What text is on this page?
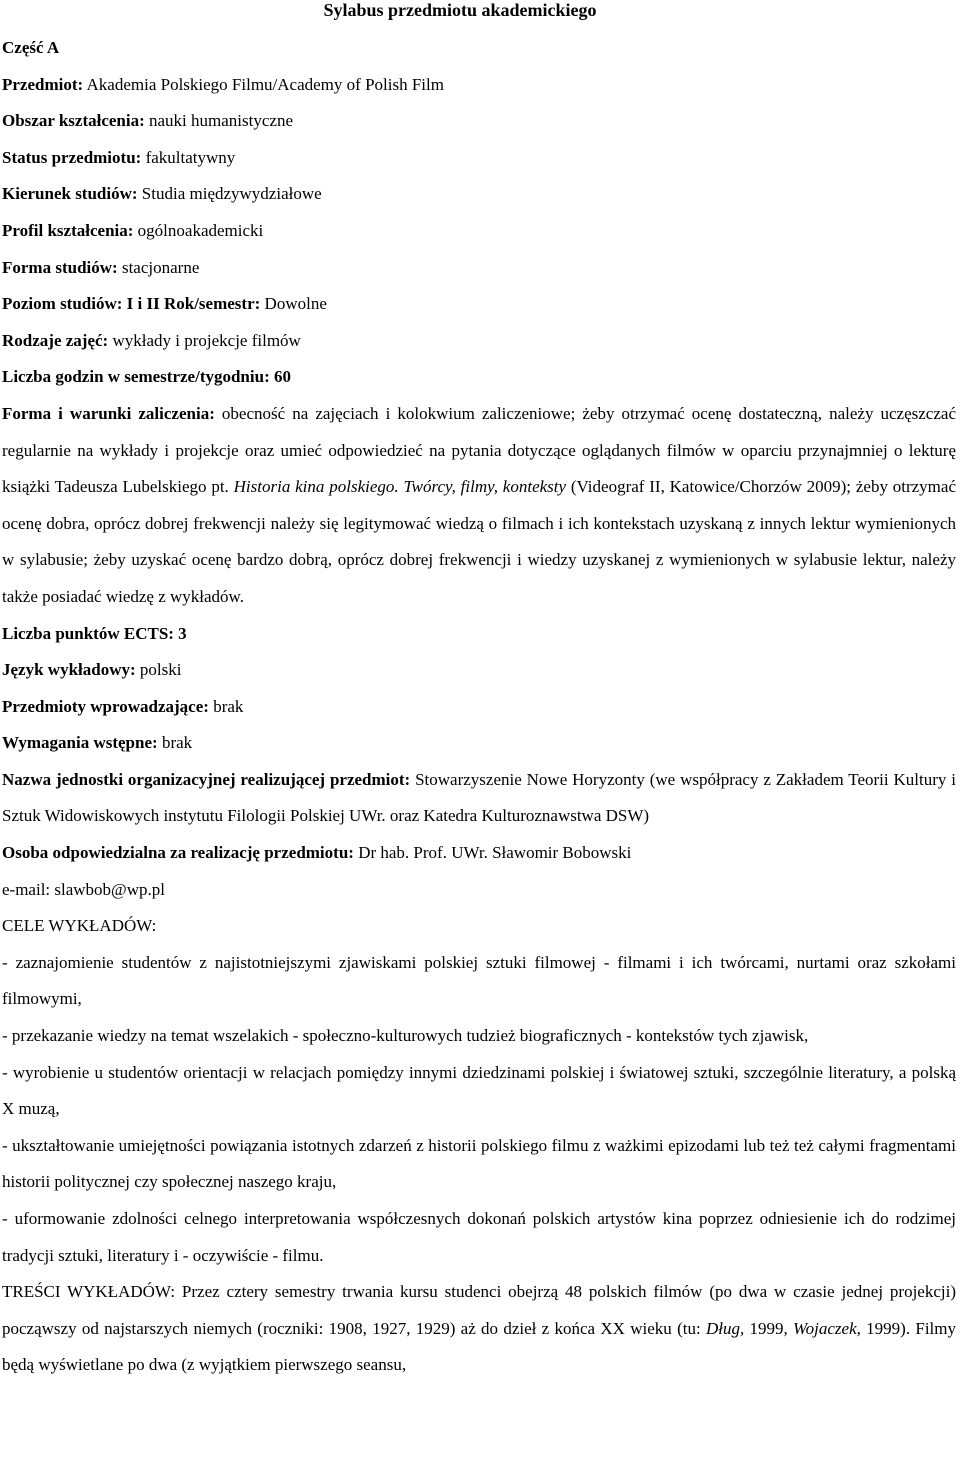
Sylabus przedmiotu akademickiego
Część A
Przedmiot: Akademia Polskiego Filmu/Academy of Polish Film
Obszar kształcenia: nauki humanistyczne
Status przedmiotu: fakultatywny
Kierunek studiów: Studia międzywydziałowe
Profil kształcenia: ogólnoakademicki
Forma studiów: stacjonarne
Poziom studiów: I i II Rok/semestr: Dowolne
Rodzaje zajęć: wykłady i projekcje filmów
Liczba godzin w semestrze/tygodniu: 60
Forma i warunki zaliczenia: obecność na zajęciach i kolokwium zaliczeniowe; żeby otrzymać ocenę dostateczną, należy uczęszczać regularnie na wykłady i projekcje oraz umieć odpowiedzieć na pytania dotyczące oglądanych filmów w oparciu przynajmniej o lekturę książki Tadeusza Lubelskiego pt. Historia kina polskiego. Twórcy, filmy, konteksty (Videograf II, Katowice/Chorzów 2009); żeby otrzymać ocenę dobra, oprócz dobrej frekwencji należy się legitymować wiedzą o filmach i ich kontekstach uzyskaną z innych lektur wymienionych w sylabusie; żeby uzyskać ocenę bardzo dobrą, oprócz dobrej frekwencji i wiedzy uzyskanej z wymienionych w sylabusie lektur, należy także posiadać wiedzę z wykładów.
Liczba punktów ECTS: 3
Język wykładowy: polski
Przedmioty wprowadzające: brak
Wymagania wstępne: brak
Nazwa jednostki organizacyjnej realizującej przedmiot: Stowarzyszenie Nowe Horyzonty (we współpracy z Zakładem Teorii Kultury i Sztuk Widowiskowych instytutu Filologii Polskiej UWr. oraz Katedra Kulturoznawstwa DSW)
Osoba odpowiedzialna za realizację przedmiotu: Dr hab. Prof. UWr. Sławomir Bobowski
e-mail: slawbob@wp.pl
CELE WYKŁADÓW:
- zaznajomienie studentów z najistotniejszymi zjawiskami polskiej sztuki filmowej - filmami i ich twórcami, nurtami oraz szkołami filmowymi,
- przekazanie wiedzy na temat wszelakich - społeczno-kulturowych tudzież biograficznych - kontekstów tych zjawisk,
- wyrobienie u studentów orientacji w relacjach pomiędzy innymi dziedzinami polskiej i światowej sztuki, szczególnie literatury, a polską X muzą,
- ukształtowanie umiejętności powiązania istotnych zdarzeń z historii polskiego filmu z ważkimi epizodami lub też też całymi fragmentami historii politycznej czy społecznej naszego kraju,
- uformowanie zdolności celnego interpretowania współczesnych dokonań polskich artystów kina poprzez odniesienie ich do rodzimej tradycji sztuki, literatury i - oczywiście - filmu.
TREŚCI WYKŁADÓW: Przez cztery semestry trwania kursu studenci obejrzą 48 polskich filmów (po dwa w czasie jednej projekcji) począwszy od najstarszych niemych (roczniki: 1908, 1927, 1929) aż do dzieł z końca XX wieku (tu: Dług, 1999, Wojaczek, 1999). Filmy będą wyświetlane po dwa (z wyjątkiem pierwszego seansu,
